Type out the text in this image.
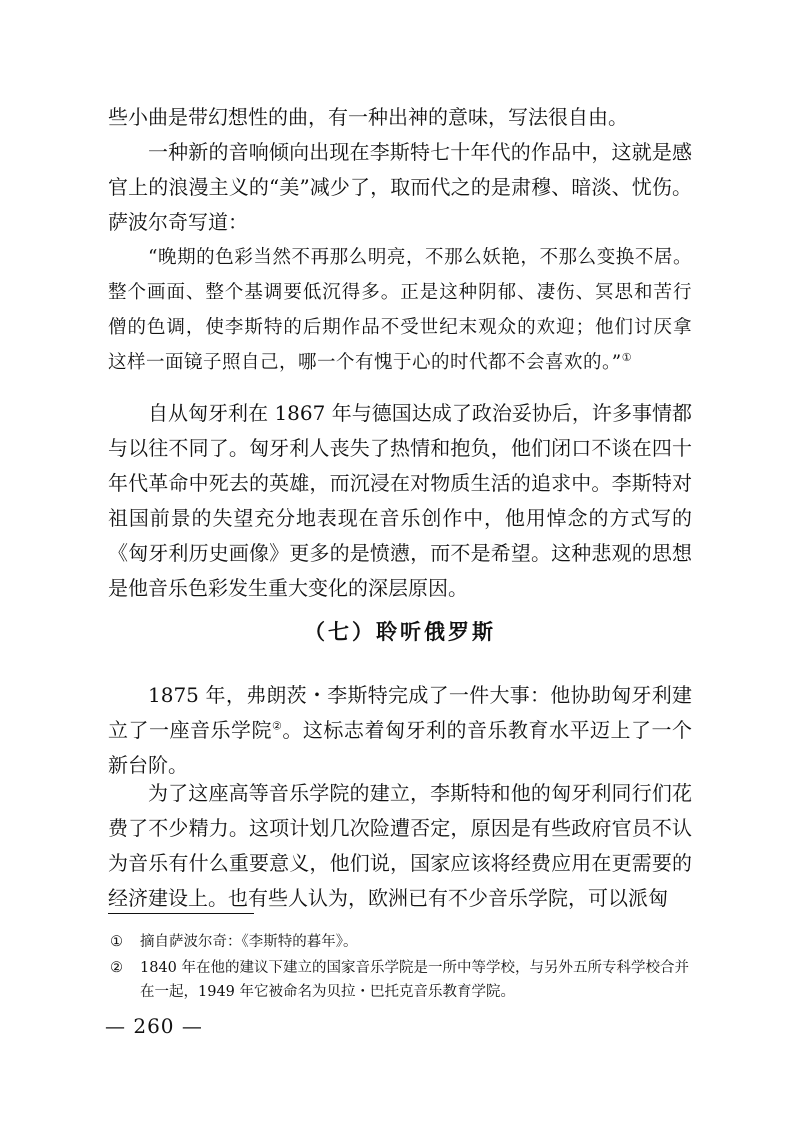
些小曲是带幻想性的曲，有一种出神的意味，写法很自由。

一种新的音响倾向出现在李斯特七十年代的作品中，这就是感官上的浪漫主义的“美”减少了，取而代之的是肃穆、暗淡、忧伤。萨波尔奇写道：

“晚期的色彩当然不再那么明亮，不那么妖艳，不那么变换不居。整个画面、整个基调要低沉得多。正是这种阴郁、凄伤、冥思和苦行僧的色调，使李斯特的后期作品不受世纪末观众的欢迎；他们讨厌拿这样一面镜子照自己，哪一个有愧于心的时代都不会喜欢的。”①

自从匈牙利在 1867 年与德国达成了政治妥协后，许多事情都与以往不同了。匈牙利人丧失了热情和抱负，他们闭口不谈在四十年代革命中死去的英雄，而沉浸在对物质生活的追求中。李斯特对祖国前景的失望充分地表现在音乐创作中，他用悼念的方式写的《匈牙利历史画像》更多的是愤懑，而不是希望。这种悲观的思想是他音乐色彩发生重大变化的深层原因。

（七）聆听俄罗斯

1875 年，弗朗茨・李斯特完成了一件大事：他协助匈牙利建立了一座音乐学院②。这标志着匈牙利的音乐教育水平迈上了一个新台阶。

为了这座高等音乐学院的建立，李斯特和他的匈牙利同行们花费了不少精力。这项计划几次险遭否定，原因是有些政府官员不认为音乐有什么重要意义，他们说，国家应该将经费应用在更需要的经济建设上。也有些人认为，欧洲已有不少音乐学院，可以派匈

① 摘自萨波尔奇：《李斯特的暮年》。

② 1840 年在他的建议下建立的国家音乐学院是一所中等学校，与另外五所专科学校合并在一起，1949 年它被命名为贝拉・巴托克音乐教育学院。

— 260 —
